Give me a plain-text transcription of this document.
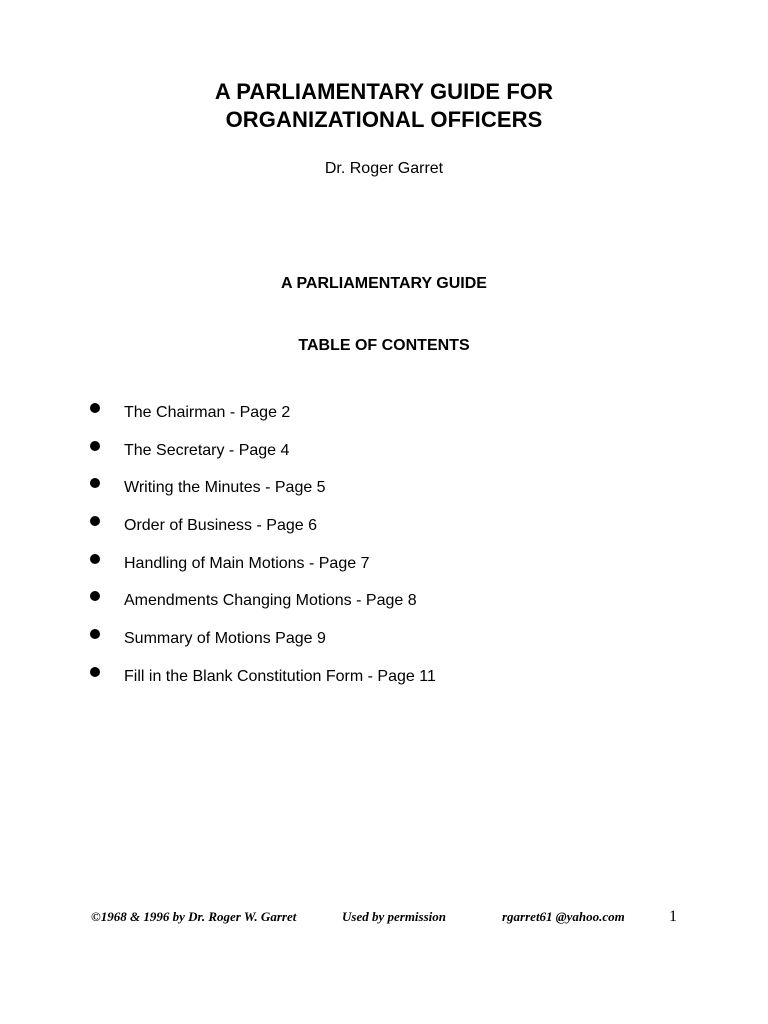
A PARLIAMENTARY GUIDE FOR
ORGANIZATIONAL OFFICERS
Dr. Roger Garret
A PARLIAMENTARY GUIDE
TABLE OF CONTENTS
The Chairman - Page 2
The Secretary - Page 4
Writing the Minutes - Page 5
Order of Business - Page 6
Handling of Main Motions - Page 7
Amendments Changing Motions - Page 8
Summary of Motions Page 9
Fill in the Blank Constitution Form - Page 11
©1968 & 1996 by Dr. Roger W. Garret	Used by permission	rgarret61 @yahoo.com	1
